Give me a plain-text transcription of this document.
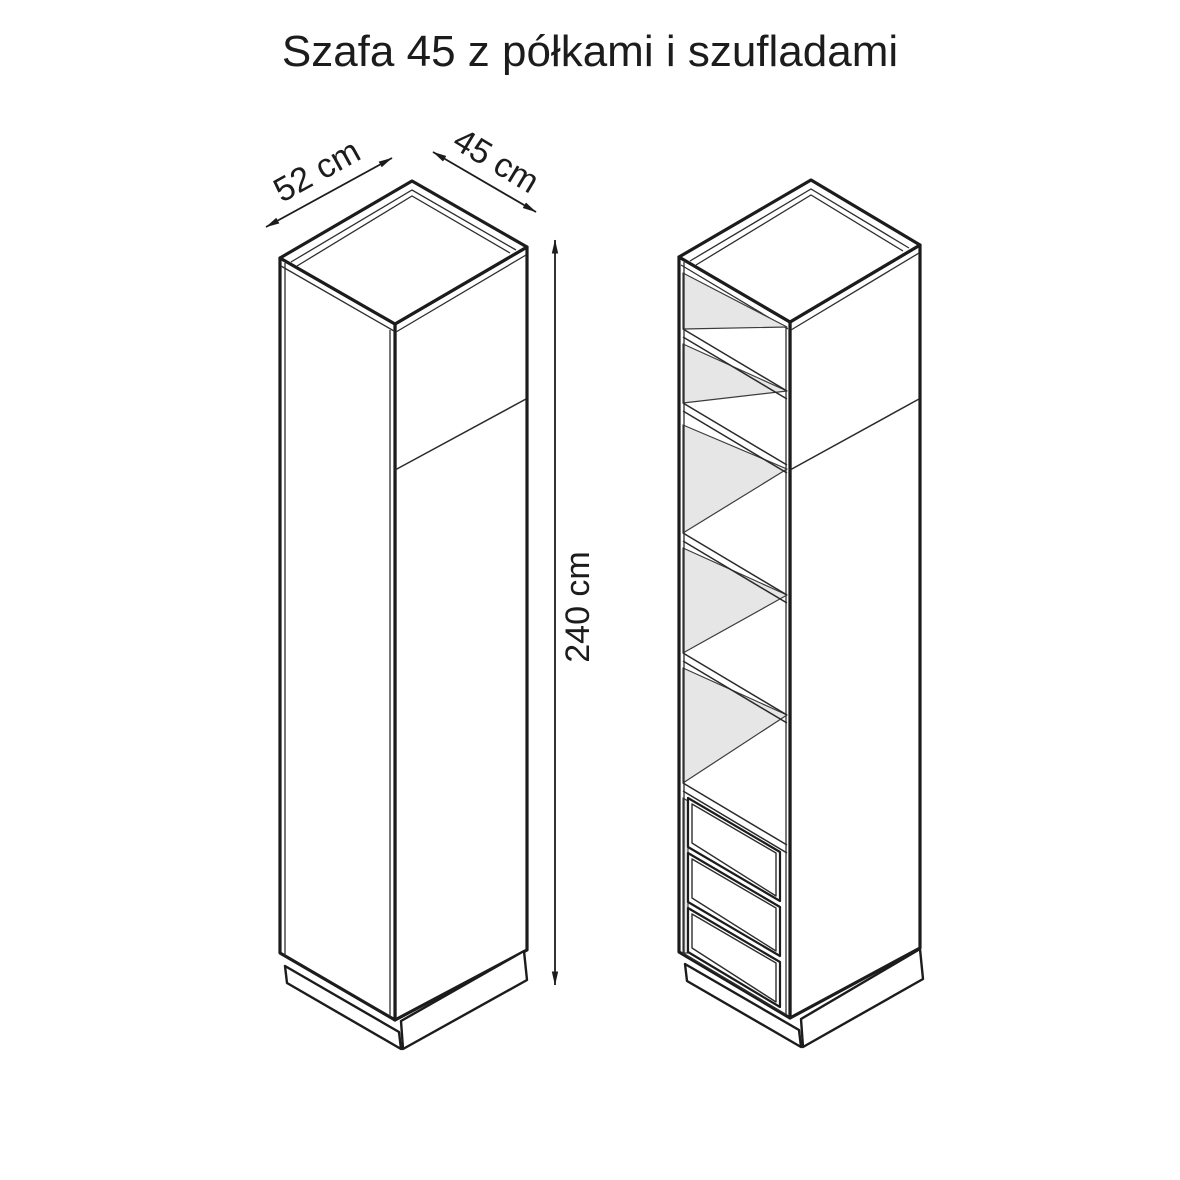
Szafa 45 z półkami i szufladami
52 cm 45 cm
240 cm
